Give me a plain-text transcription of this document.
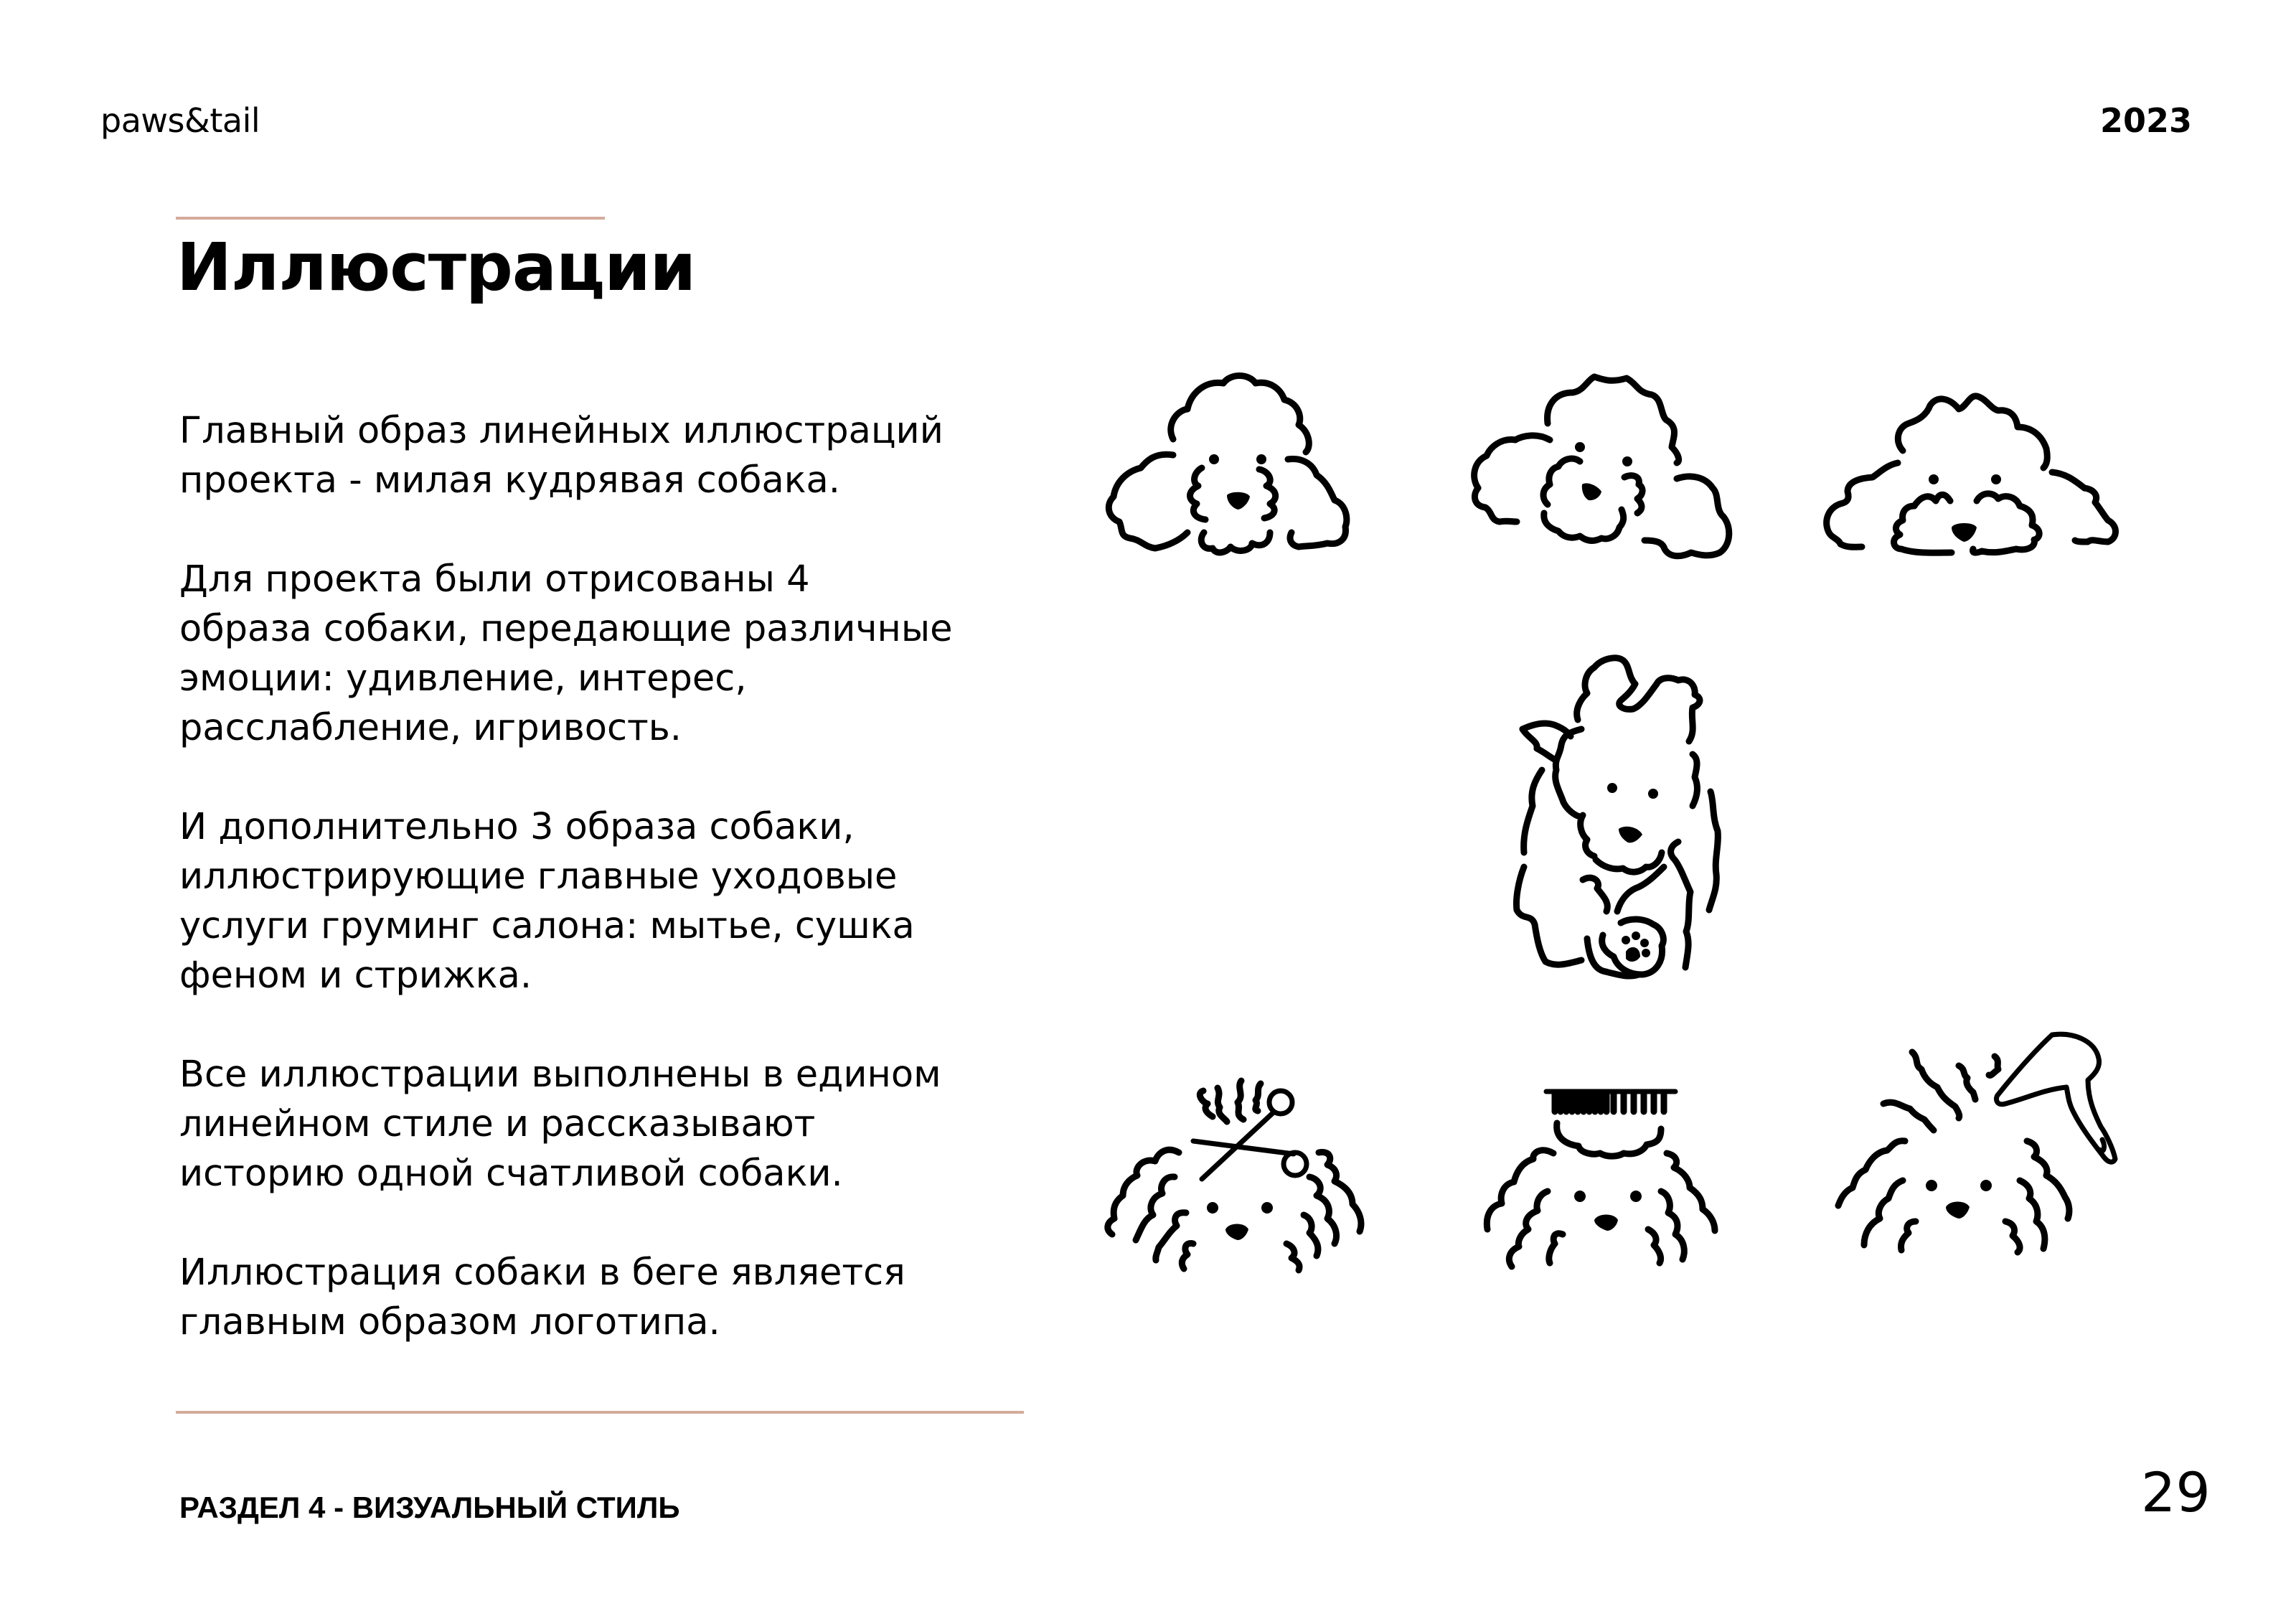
paws&tail	2023
Иллюстрации

Главный образ линейных иллюстраций
проекта - милая кудрявая собака.

Для проекта были отрисованы 4
образа собаки, передающие различные
эмоции: удивление, интерес,
расслабление, игривость.

И дополнительно 3 образа собаки,
иллюстрирующие главные уходовые
услуги груминг салона: мытье, сушка
феном и стрижка.

Все иллюстрации выполнены в едином
линейном стиле и рассказывают
историю одной счатливой собаки.

Иллюстрация собаки в беге является
главным образом логотипа.

РАЗДЕЛ 4 - ВИЗУАЛЬНЫЙ СТИЛЬ	29
